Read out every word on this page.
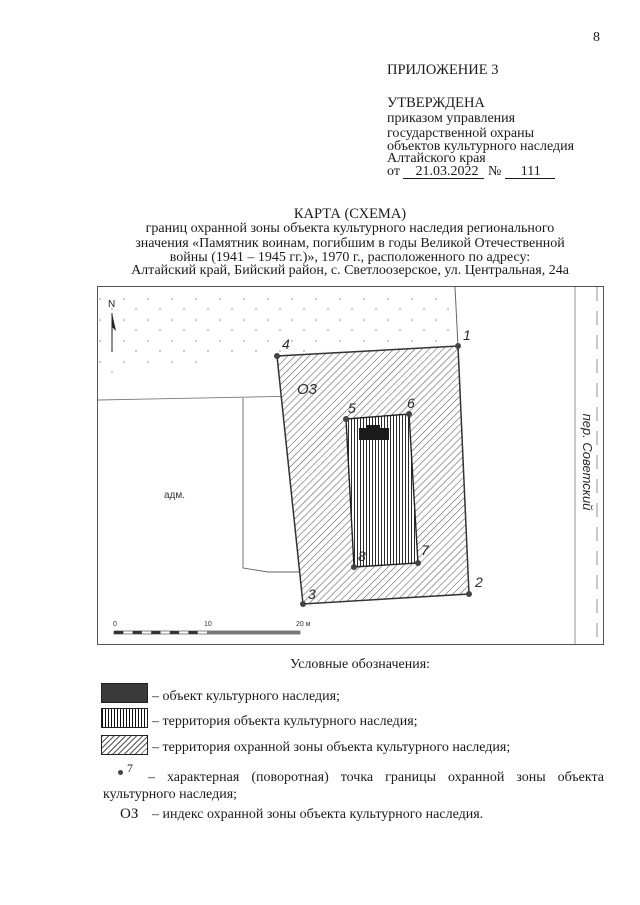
8
ПРИЛОЖЕНИЕ 3
УТВЕРЖДЕНА
приказом управления
государственной охраны
объектов культурного наследия
Алтайского края
от 21.03.2022 № 111
КАРТА (СХЕМА)
границ охранной зоны объекта культурного наследия регионального
значения «Памятник воинам, погибшим в годы Великой Отечественной
войны (1941 – 1945 гг.)», 1970 г., расположенного по адресу:
Алтайский край, Бийский район, с. Светлоозерское, ул. Центральная, 24а
1
2
3
4
5	6
7
8
O3
адм.	пер. Советский
N
0	10	20 м
Условные обозначения:
– объект культурного наследия;
– территория объекта культурного наследия;
– территория охранной зоны объекта культурного наследия;
7
– характерная (поворотная) точка границы охранной зоны объекта
культурного наследия;
ОЗ – индекс охранной зоны объекта культурного наследия.
